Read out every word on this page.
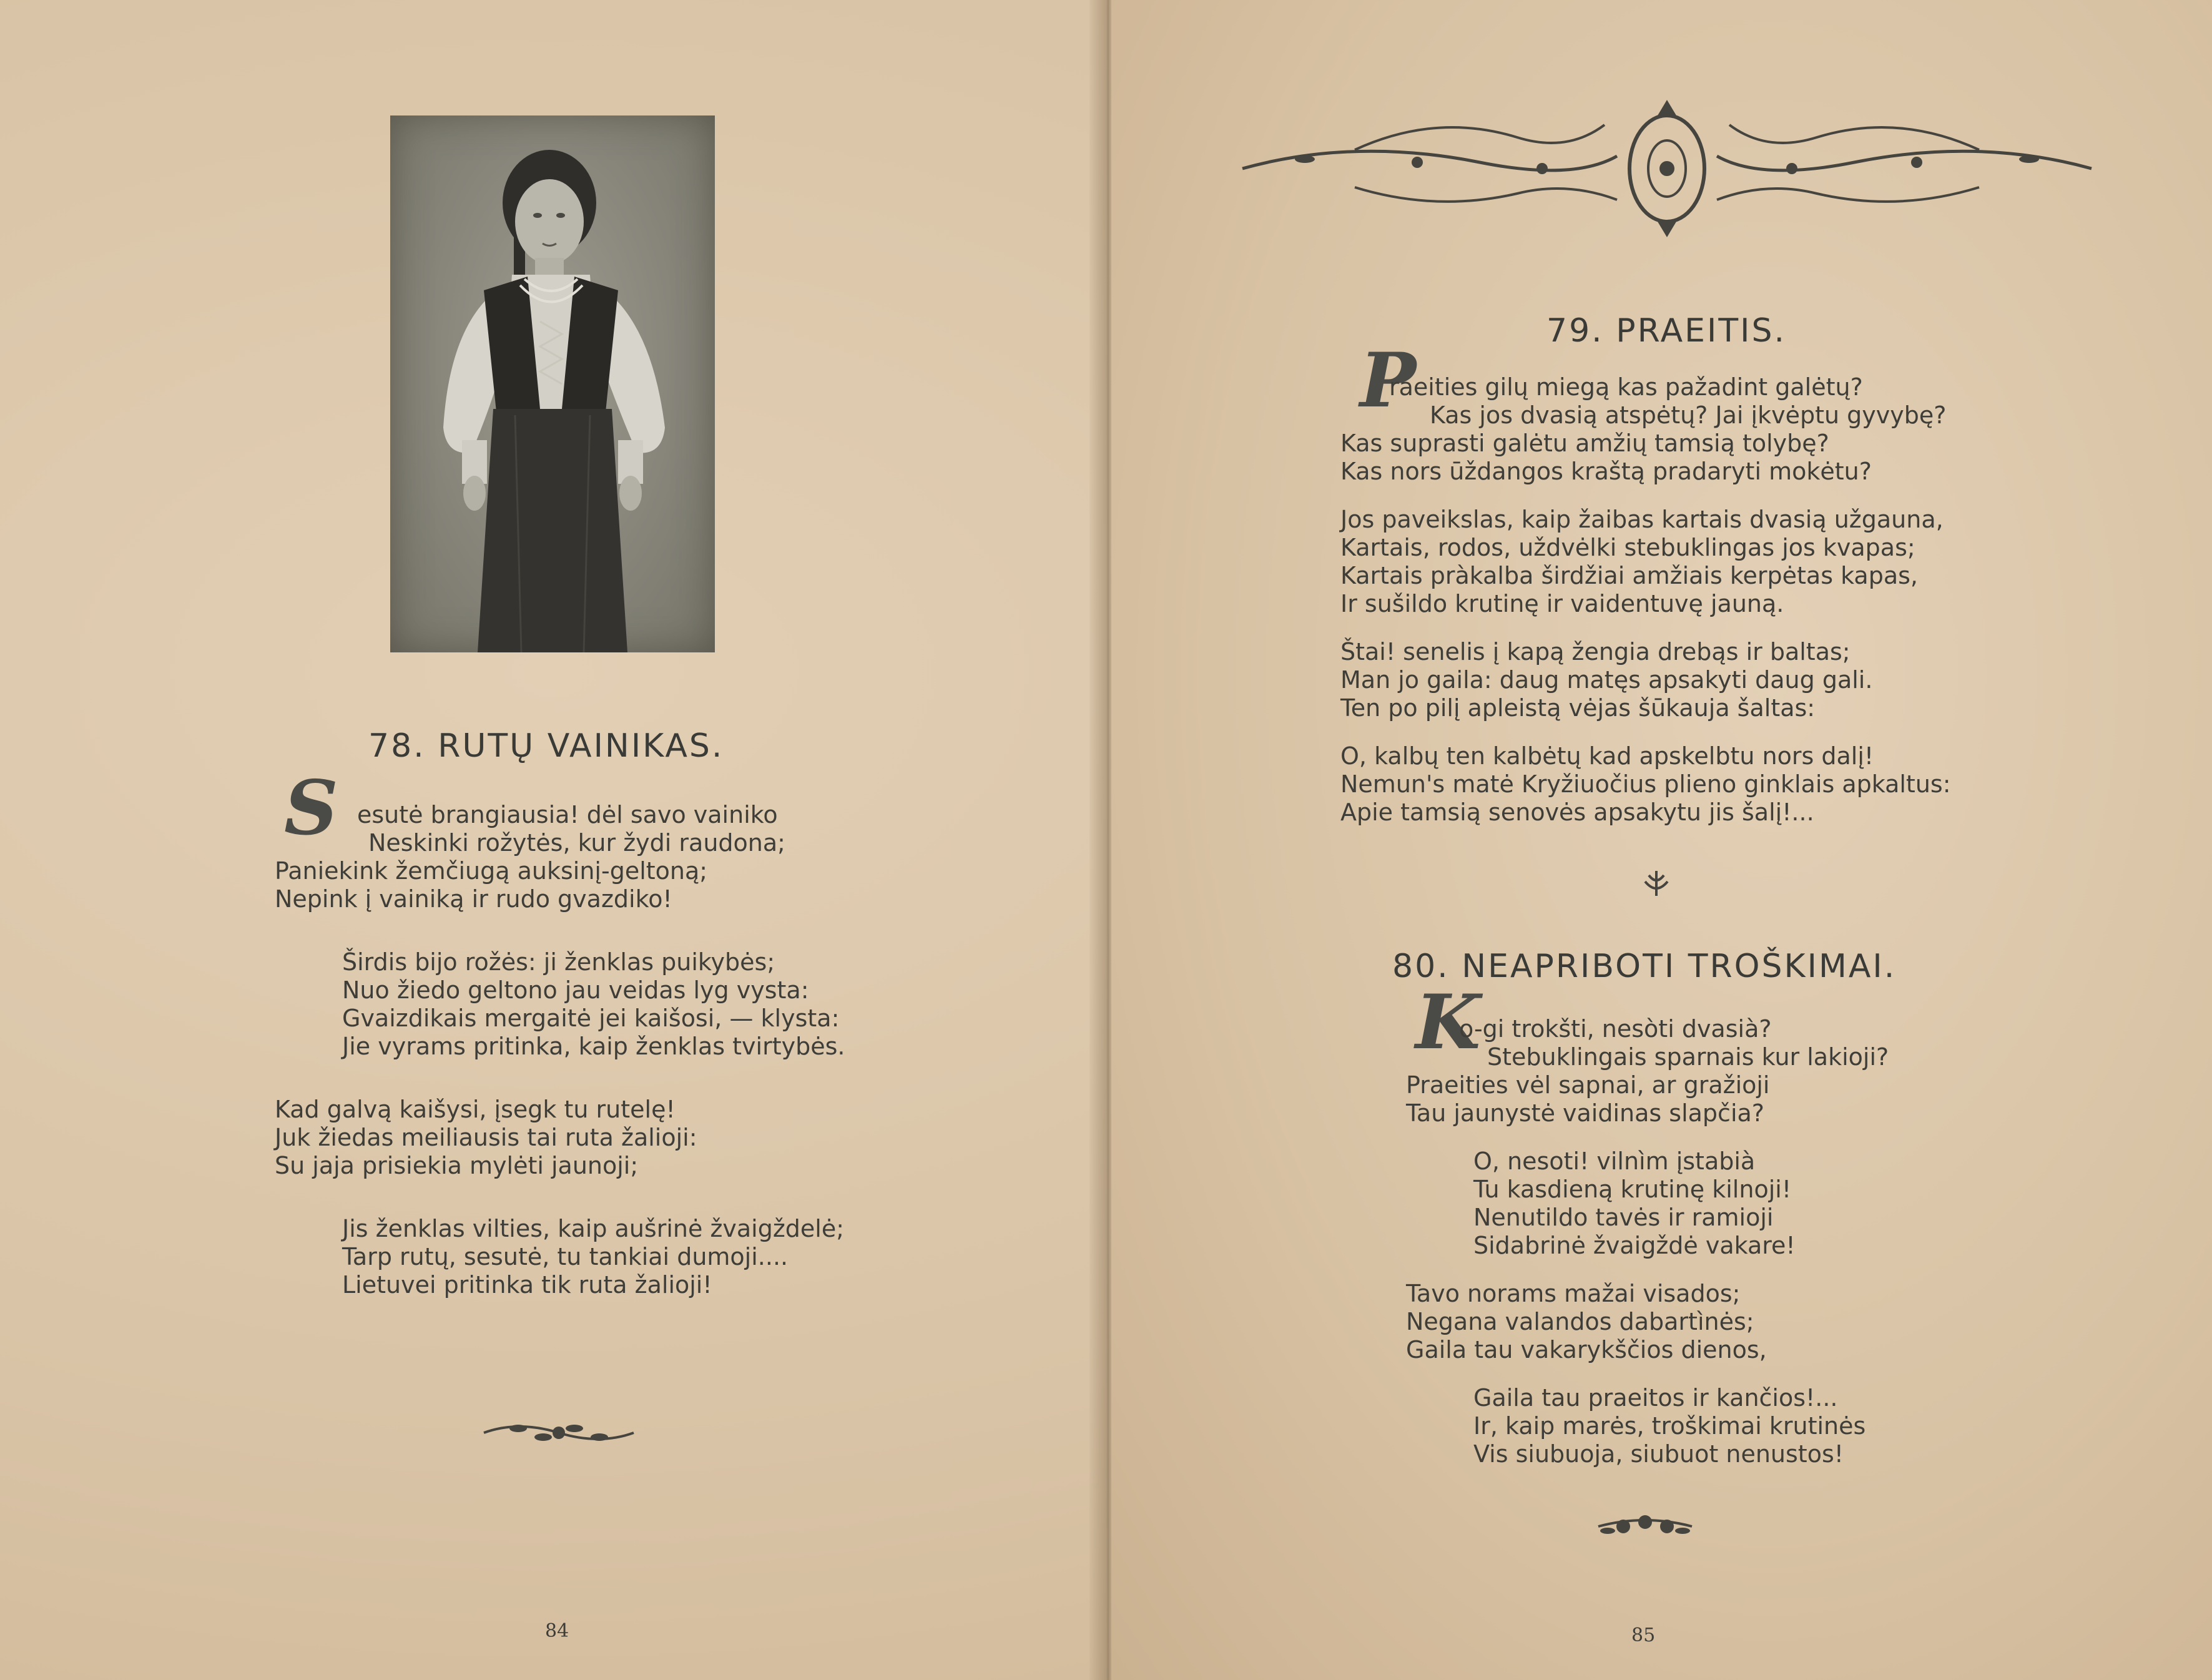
78. RUTŲ VAINIKAS.
S esutė brangiausia! dėl savo vainiko
Neskinki rožytės, kur žydi raudona;
Paniekink žemčiugą auksinį-geltoną;
Nepink į vainiką ir rudo gvazdiko!
Širdis bijo rožės: ji ženklas puikybės;
Nuo žiedo geltono jau veidas lyg vysta:
Gvaizdikais mergaitė jei kaišosi, — klysta:
Jie vyrams pritinka, kaip ženklas tvirtybės.
Kad galvą kaišysi, įsegk tu rutelę!
Juk žiedas meiliausis tai ruta žalioji:
Su jaja prisiekia mylėti jaunoji;
Jis ženklas vilties, kaip aušrinė žvaigždelė;
Tarp rutų, sesutė, tu tankiai dumoji....
Lietuvei pritinka tik ruta žalioji!
84
79. PRAEITIS.
P
raeities gilų miegą kas pažadint galėtų?
Kas jos dvasią atspėtų? Jai įkvėptu gyvybę?
Kas suprasti galėtu amžių tamsią tolybę?
Kas nors ūždangos kraštą pradaryti mokėtu?
Jos paveikslas, kaip žaibas kartais dvasią užgauna,
Kartais, rodos, uždvėlki stebuklingas jos kvapas;
Kartais pràkalba širdžiai amžiais kerpėtas kapas,
Ir sušildo krutinę ir vaidentuvę jauną.
Štai! senelis į kapą žengia drebąs ir baltas;
Man jo gaila: daug matęs apsakyti daug gali.
Ten po pilį apleistą vėjas šūkauja šaltas:
O, kalbų ten kalbėtų kad apskelbtu nors dalį!
Nemun's matė Kryžiuočius plieno ginklais apkaltus:
Apie tamsią senovės apsakytu jis šalį!...
80. NEAPRIBOTI TROŠKIMAI.
K
o-gi trokšti, nesòti dvasià?
Stebuklingais sparnais kur lakioji?
Praeities vėl sapnai, ar gražioji
Tau jaunystė vaidinas slapčia?
O, nesoti! vilnìm įstabià
Tu kasdieną krutinę kilnoji!
Nenutildo tavės ir ramioji
Sidabrinė žvaigždė vakare!
Tavo norams mažai visados;
Negana valandos dabartìnės;
Gaila tau vakarykščios dienos,
Gaila tau praeitos ir kančios!...
Ir, kaip marės, troškimai krutinės
Vis siubuoja, siubuot nenustos!
85
